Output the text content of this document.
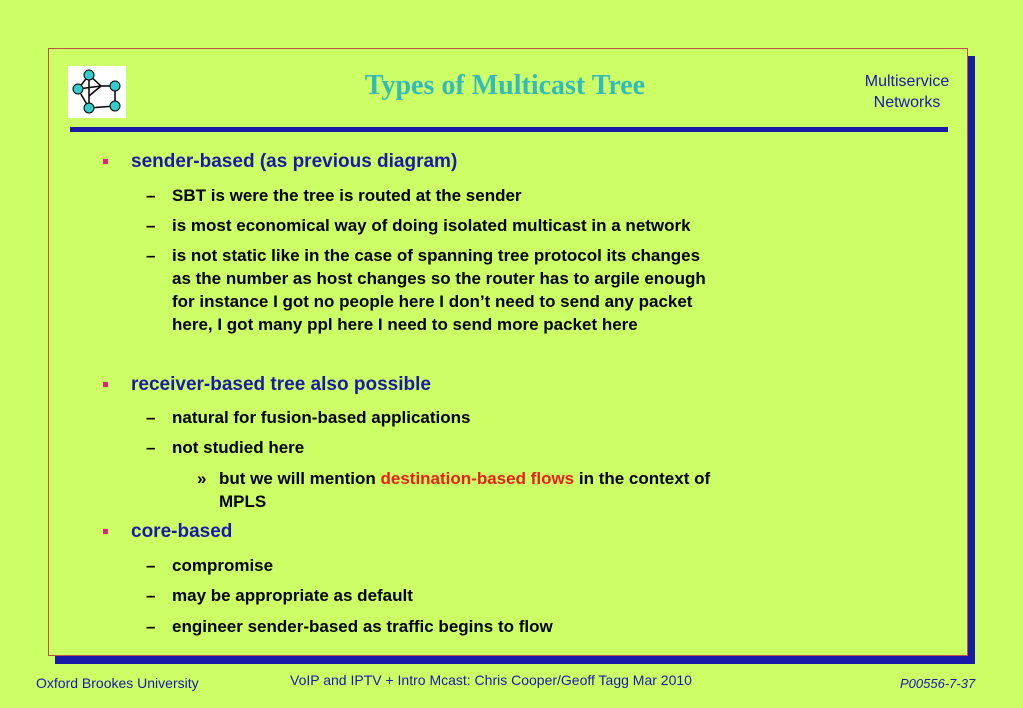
Types of Multicast Tree	Multiservice
Networks
sender-based (as previous diagram)
– SBT is were the tree is routed at the sender
– is most economical way of doing isolated multicast in a network
– is not static like in the case of spanning tree protocol its changes
as the number as host changes so the router has to argile enough
for instance I got no people here I don’t need to send any packet
here, I got many ppl here I need to send more packet here
receiver-based tree also possible
– natural for fusion-based applications
– not studied here
» but we will mention destination-based flows in the context of
MPLS
core-based
– compromise
– may be appropriate as default
– engineer sender-based as traffic begins to flow
Oxford Brookes University	VoIP and IPTV + Intro Mcast: Chris Cooper/Geoff Tagg Mar 2010	P00556-7-37
